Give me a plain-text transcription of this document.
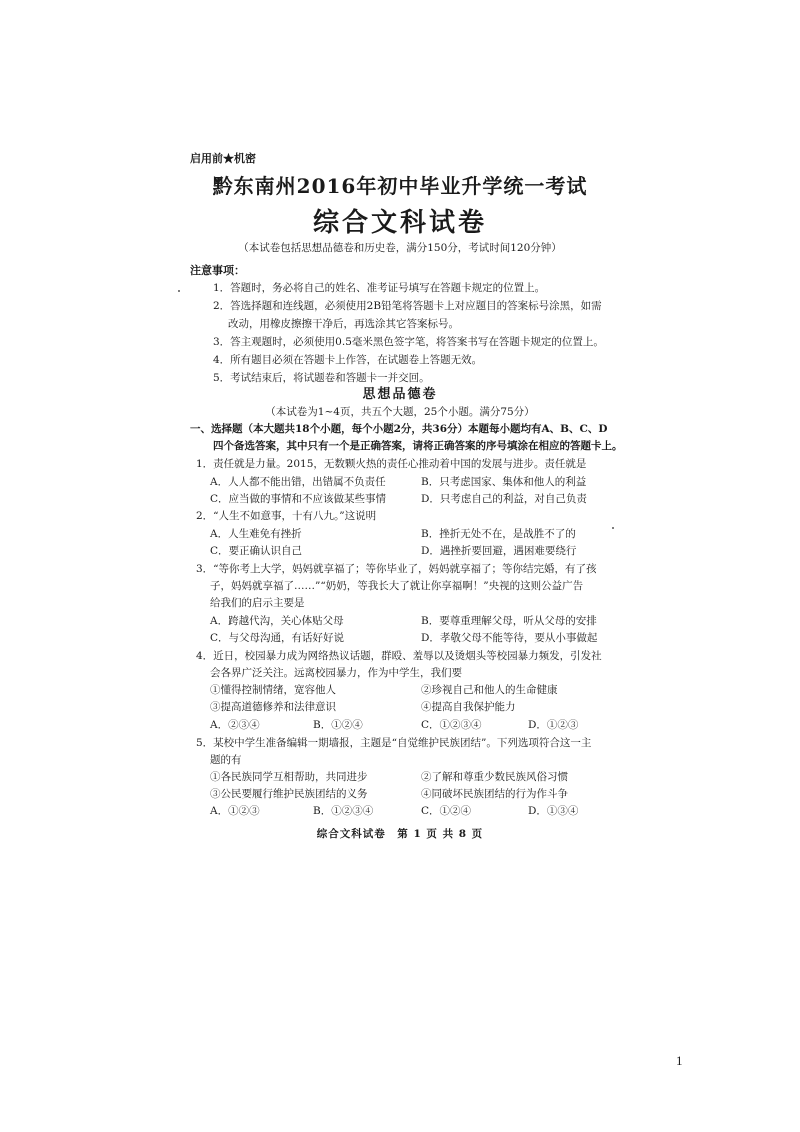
启用前★机密
黔东南州2016年初中毕业升学统一考试
综合文科试卷
（本试卷包括思想品德卷和历史卷，满分150分，考试时间120分钟）
注意事项：
1．答题时，务必将自己的姓名、准考证号填写在答题卡规定的位置上。
2．答选择题和连线题，必须使用2B铅笔将答题卡上对应题目的答案标号涂黑，如需
改动，用橡皮擦擦干净后，再选涂其它答案标号。
3．答主观题时，必须使用0.5毫米黑色签字笔，将答案书写在答题卡规定的位置上。
4．所有题目必须在答题卡上作答，在试题卷上答题无效。
5．考试结束后，将试题卷和答题卡一并交回。
思想品德卷
（本试卷为1~4页，共五个大题，25个小题。满分75分）
一、选择题（本大题共18个小题，每个小题2分，共36分）本题每小题均有A、B、C、D
四个备选答案，其中只有一个是正确答案，请将正确答案的序号填涂在相应的答题卡上。
1．责任就是力量。2015，无数颗火热的责任心推动着中国的发展与进步。责任就是
A．人人都不能出错，出错属不负责任	B．只考虑国家、集体和他人的利益
C．应当做的事情和不应该做某些事情	D．只考虑自己的利益，对自己负责
2．“人生不如意事，十有八九。”这说明
A．人生难免有挫折	B．挫折无处不在，是战胜不了的
C．要正确认识自己	D．遇挫折要回避，遇困难要绕行
3．“等你考上大学，妈妈就享福了；等你毕业了，妈妈就享福了；等你结完婚，有了孩
子，妈妈就享福了……”“奶奶，等我长大了就让你享福啊！”央视的这则公益广告
给我们的启示主要是
A．跨越代沟，关心体贴父母	B．要尊重理解父母，听从父母的安排
C．与父母沟通，有话好好说	D．孝敬父母不能等待，要从小事做起
4．近日，校园暴力成为网络热议话题，群殴、羞辱以及烫烟头等校园暴力频发，引发社
会各界广泛关注。远离校园暴力，作为中学生，我们要
①懂得控制情绪，宽容他人	②珍视自己和他人的生命健康
③提高道德修养和法律意识	④提高自我保护能力
A．②③④	B．①②④	C．①②③④	D．①②③
5．某校中学生准备编辑一期墙报，主题是“自觉维护民族团结”。下列选项符合这一主
题的有
①各民族同学互相帮助，共同进步	②了解和尊重少数民族风俗习惯
③公民要履行维护民族团结的义务	④同破坏民族团结的行为作斗争
A．①②③	B．①②③④	C．①②④	D．①③④
综合文科试卷　第 1 页 共 8 页
1
